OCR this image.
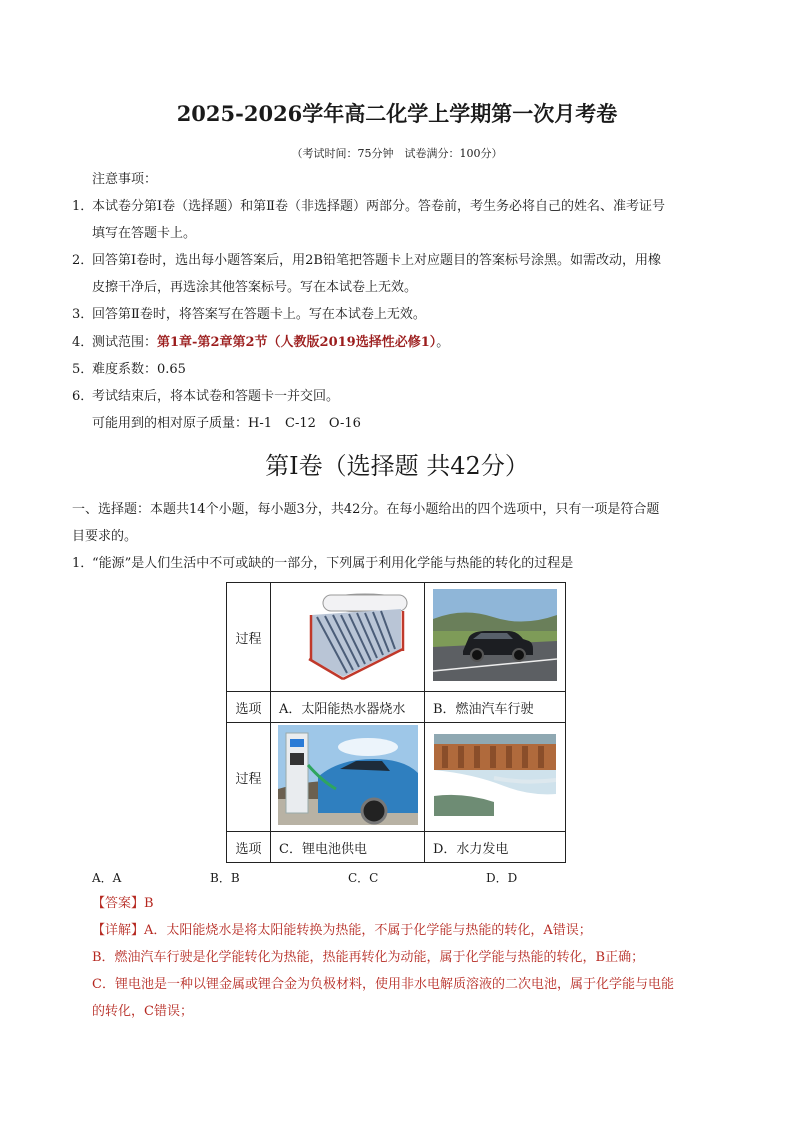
2025-2026学年高二化学上学期第一次月考卷
（考试时间：75分钟　试卷满分：100分）
注意事项：
1．本试卷分第Ⅰ卷（选择题）和第Ⅱ卷（非选择题）两部分。答卷前，考生务必将自己的姓名、准考证号
填写在答题卡上。
2．回答第Ⅰ卷时，选出每小题答案后，用2B铅笔把答题卡上对应题目的答案标号涂黑。如需改动，用橡
皮擦干净后，再选涂其他答案标号。写在本试卷上无效。
3．回答第Ⅱ卷时，将答案写在答题卡上。写在本试卷上无效。
4．测试范围：第1章-第2章第2节（人教版2019选择性必修1）。
5．难度系数：0.65
6．考试结束后，将本试卷和答题卡一并交回。
可能用到的相对原子质量：H-1　C-12　O-16
第Ⅰ卷（选择题 共42分）
一、选择题：本题共14个小题，每小题3分，共42分。在每小题给出的四个选项中，只有一项是符合题
目要求的。
1．“能源”是人们生活中不可或缺的一部分，下列属于利用化学能与热能的转化的过程是
过程		
选项	A．太阳能热水器烧水	B．燃油汽车行驶
过程		
选项	C．锂电池供电	D．水力发电
A．A	B．B	C．C	D．D
【答案】B
【详解】A．太阳能烧水是将太阳能转换为热能，不属于化学能与热能的转化，A错误；
B．燃油汽车行驶是化学能转化为热能，热能再转化为动能，属于化学能与热能的转化，B正确；
C．锂电池是一种以锂金属或锂合金为负极材料，使用非水电解质溶液的二次电池，属于化学能与电能
的转化，C错误；
